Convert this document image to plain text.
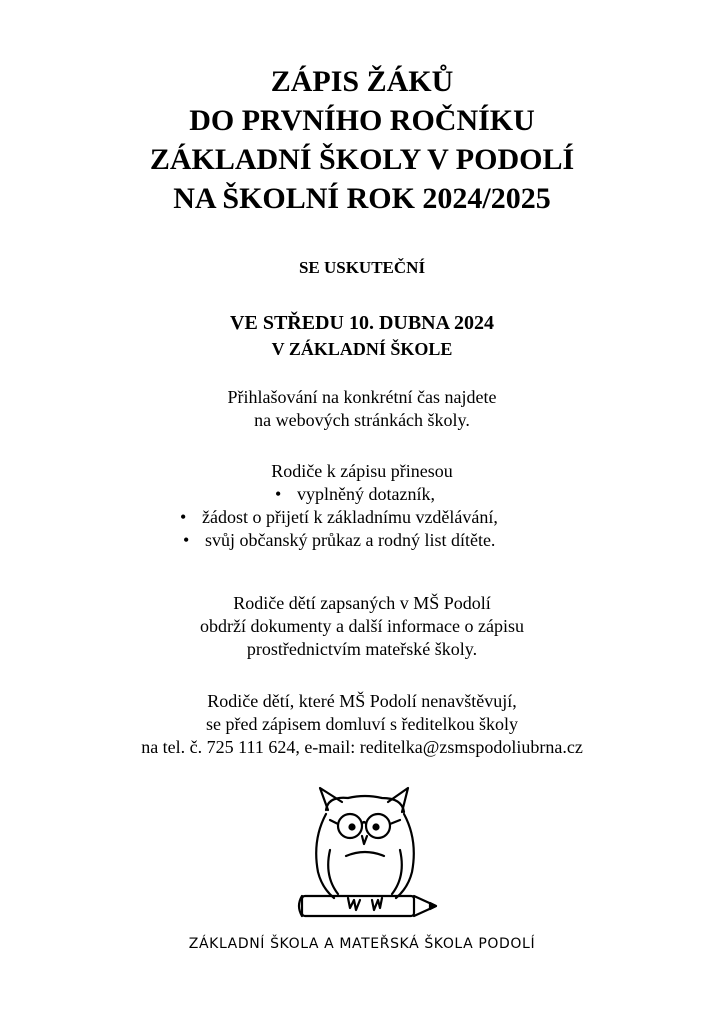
ZÁPIS ŽÁKŮ
DO PRVNÍHO ROČNÍKU
ZÁKLADNÍ ŠKOLY V PODOLÍ
NA ŠKOLNÍ ROK 2024/2025
SE USKUTEČNÍ
VE STŘEDU 10. DUBNA 2024
V ZÁKLADNÍ ŠKOLE
Přihlašování na konkrétní čas najdete
na webových stránkách školy.
Rodiče k zápisu přinesou
• vyplněný dotazník,
• žádost o přijetí k základnímu vzdělávání,
• svůj občanský průkaz a rodný list dítěte.
Rodiče dětí zapsaných v MŠ Podolí
obdrží dokumenty a další informace o zápisu
prostřednictvím mateřské školy.
Rodiče dětí, které MŠ Podolí nenavštěvují,
se před zápisem domluví s ředitelkou školy
na tel. č. 725 111 624, e-mail: reditelka@zsmspodoliubrna.cz
ZÁKLADNÍ ŠKOLA A MATEŘSKÁ ŠKOLA PODOLÍ
